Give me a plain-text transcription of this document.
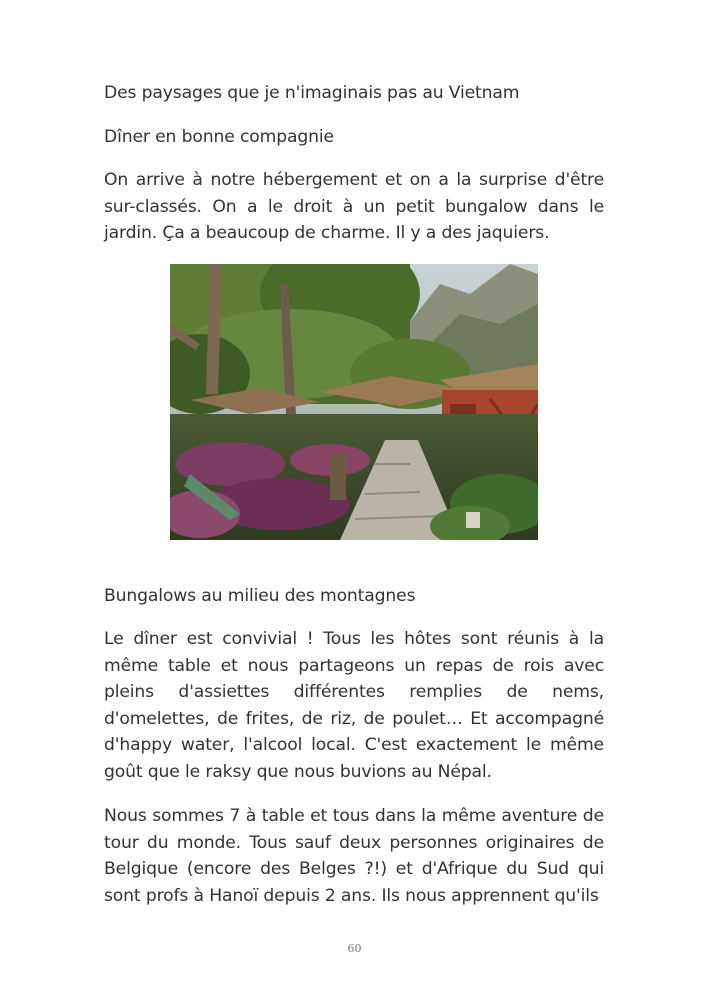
Des paysages que je n'imaginais pas au Vietnam

Dîner en bonne compagnie

On arrive à notre hébergement et on a la surprise d'être sur-classés. On a le droit à un petit bungalow dans le jardin. Ça a beaucoup de charme. Il y a des jaquiers.

Bungalows au milieu des montagnes

Le dîner est convivial ! Tous les hôtes sont réunis à la même table et nous partageons un repas de rois avec pleins d'assiettes différentes remplies de nems, d'omelettes, de frites, de riz, de poulet… Et accompagné d'happy water, l'alcool local. C'est exactement le même goût que le raksy que nous buvions au Népal.

Nous sommes 7 à table et tous dans la même aventure de tour du monde. Tous sauf deux personnes originaires de Belgique (encore des Belges ?!) et d'Afrique du Sud qui sont profs à Hanoï depuis 2 ans. Ils nous apprennent qu'ils

60
